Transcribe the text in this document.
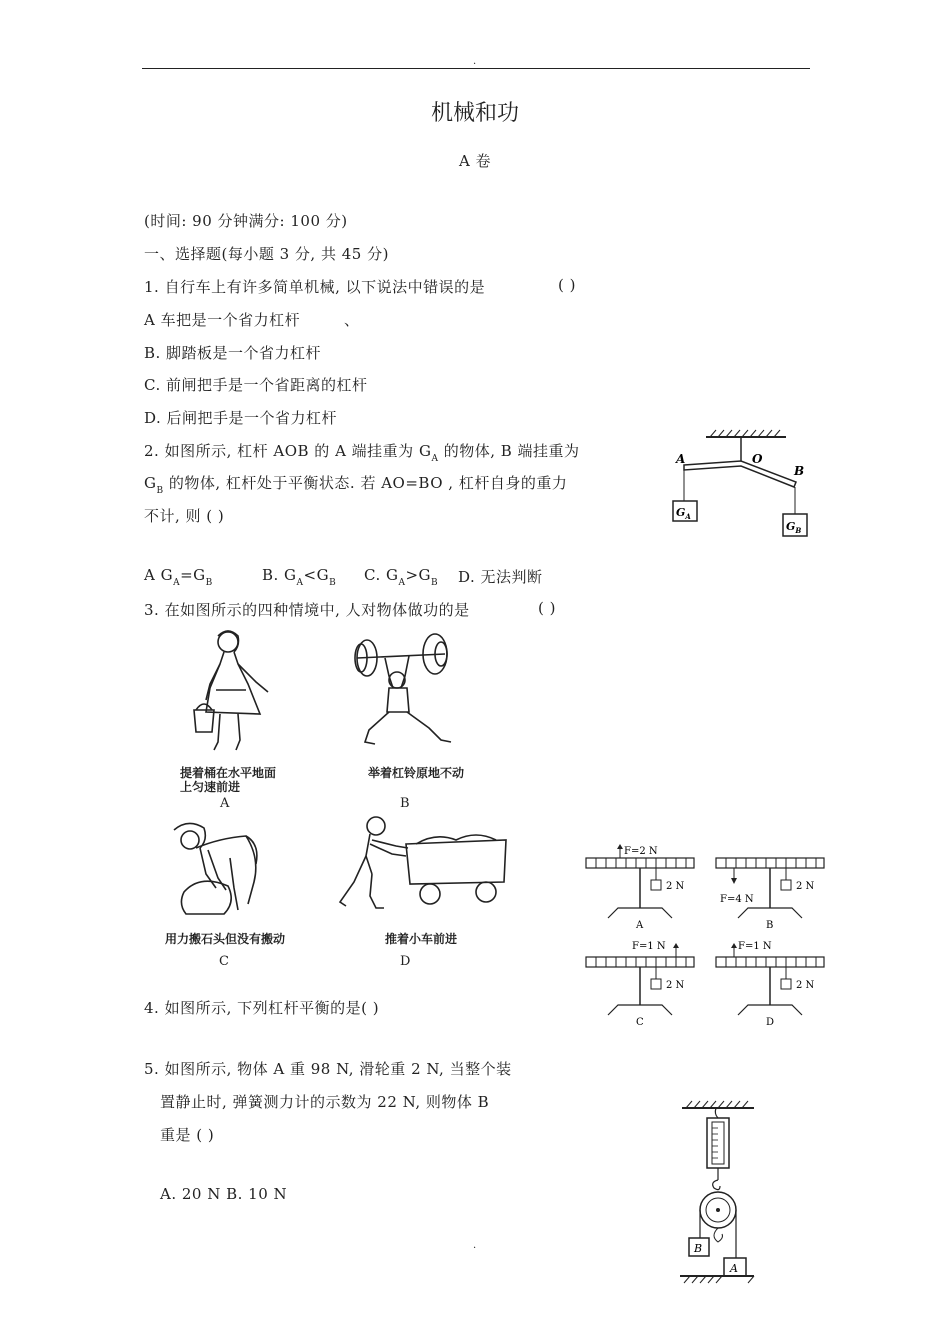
.
机械和功
A 卷
(时间: 90 分钟满分: 100 分)
一、选择题(每小题 3 分, 共 45 分)
1. 自行车上有许多简单机械, 以下说法中错误的是	( )
A 车把是一个省力杠杆	、
B. 脚踏板是一个省力杠杆
C. 前闸把手是一个省距离的杠杆
D. 后闸把手是一个省力杠杆
2. 如图所示, 杠杆 AOB 的 A 端挂重为 $G_A$ 的物体, B 端挂重为
$G_B$ 的物体, 杠杆处于平衡状态. 若 AO=BO , 杠杆自身的重力
不计, 则 ( )
A $G_A=G_B$	B. $G_A<G_B$ C. $G_A>G_B$ D. 无法判断
A	O
B
$G_A$
$G_B$
3. 在如图所示的四种情境中, 人对物体做功的是	( )
提着桶在水平地面
上匀速前进
A
举着杠铃原地不动
B
用力搬石头但没有搬动
C
推着小车前进
D
F=2 N
2 N
A
F=4 N
2 N
B
F=1 N
2 N
C
F=1 N
2 N
D
4. 如图所示, 下列杠杆平衡的是( )
5. 如图所示, 物体 A 重 98 N, 滑轮重 2 N, 当整个装
置静止时, 弹簧测力计的示数为 22 N, 则物体 B
重是 ( )
A. 20 N B. 10 N
B
A
.
